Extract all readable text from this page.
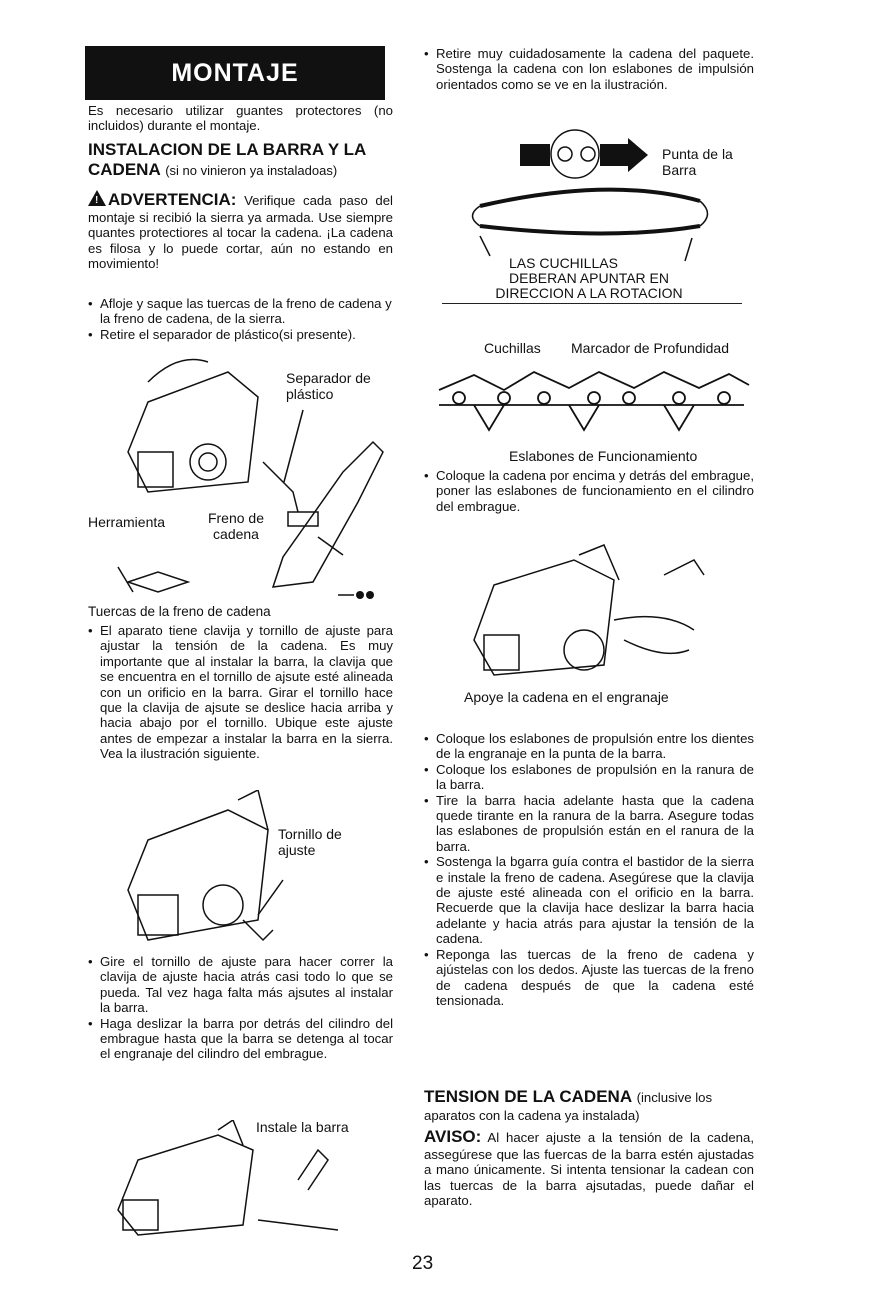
MONTAJE

Es necesario utilizar guantes protectores (no incluidos) durante el montaje.

INSTALACION DE LA BARRA Y LA CADENA (si no vinieron ya instaladoas)

! ADVERTENCIA: Verifique cada paso del montaje si recibió la sierra ya armada. Use siempre quantes protectiores al tocar la cadena. ¡La cadena es filosa y lo puede cortar, aún no estando en movimiento!

• Afloje y saque las tuercas de la freno de cadena y la freno de cadena, de la sierra.
• Retire el separador de plástico(si presente).
Separador de plástico
Herramienta	Freno de cadena
Tuercas de la freno de cadena
• El aparato tiene clavija y tornillo de ajuste para ajustar la tensión de la cadena. Es muy importante que al instalar la barra, la clavija que se encuentra en el tornillo de ajsute esté alineada con un orificio en la barra. Girar el tornillo hace que la clavija de ajsute se deslice hacia arriba y hacia abajo por el tornillo. Ubique este ajuste antes de empezar a instalar la barra en la sierra. Vea la ilustración siguiente.
Tornillo de ajuste
• Gire el tornillo de ajuste para hacer correr la clavija de ajuste hacia atrás casi todo lo que se pueda. Tal vez haga falta más ajsutes al instalar la barra.
• Haga deslizar la barra por detrás del cilindro del embrague hasta que la barra se detenga al tocar el engranaje del cilindro del embrague.
Instale la barra
• Retire muy cuidadosamente la cadena del paquete. Sostenga la cadena con lon eslabones de impulsión orientados como se ve en la ilustración.
Punta de la Barra
LAS CUCHILLAS
DEBERAN APUNTAR EN
DIRECCION A LA ROTACION
Cuchillas Marcador de Profundidad
Eslabones de Funcionamiento
• Coloque la cadena por encima y detrás del embrague, poner las eslabones de funcionamiento en el cilindro del embrague.
Apoye la cadena en el engranaje
• Coloque los eslabones de propulsión entre los dientes de la engranaje en la punta de la barra.
• Coloque los eslabones de propulsión en la ranura de la barra.
• Tire la barra hacia adelante hasta que la cadena quede tirante en la ranura de la barra. Asegure todas las eslabones de propulsión están en el ranura de la barra.
• Sostenga la bgarra guía contra el bastidor de la sierra e instale la freno de cadena. Asegúrese que la clavija de ajuste esté alineada con el orificio en la barra. Recuerde que la clavija hace deslizar la barra hacia adelante y hacia atrás para ajustar la tensión de la cadena.
• Reponga las tuercas de la freno de cadena y ajústelas con los dedos. Ajuste las tuercas de la freno de cadena después de que la cadena esté tensionada.
TENSION DE LA CADENA (inclusive los aparatos con la cadena ya instalada)

AVISO: Al hacer ajuste a la tensión de la cadena, assegúrese que las fuercas de la barra estén ajustadas a mano únicamente. Si intenta tensionar la cadean con las tuercas de la barra ajsutadas, puede dañar el aparato.

23
